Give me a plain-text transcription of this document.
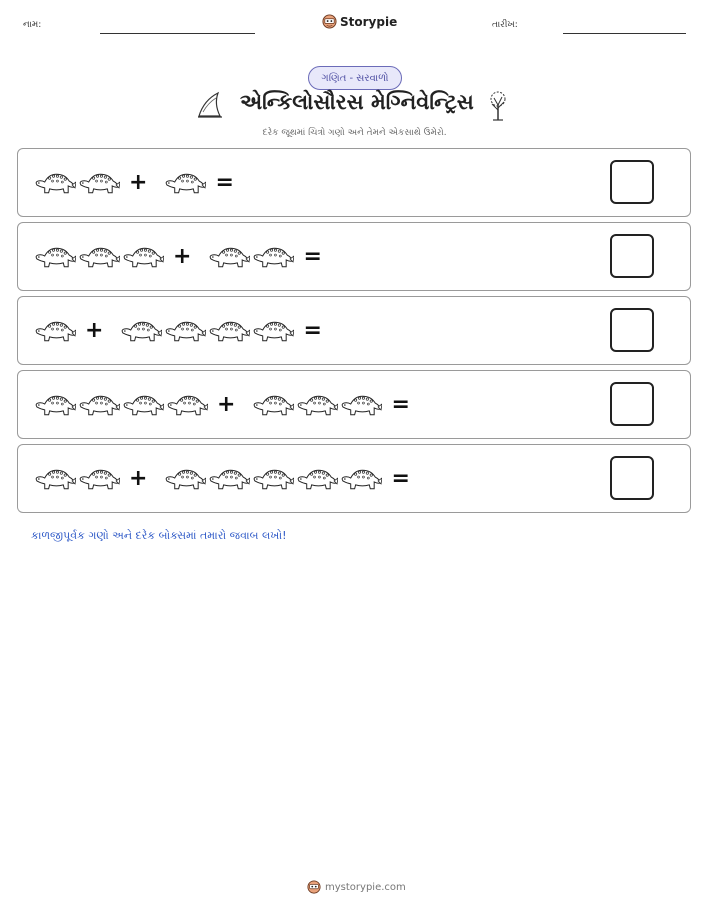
નામ:	Storypie	તારીખ:
ગણિત - સરવાળો
એન્કિલોસૌરસ મેગ્નિવેન્ટ્રિસ
દરેક જૂથમાં ચિત્રો ગણો અને તેમને એકસાથે ઉમેરો.
+	=
+	=
+	=
+	=
+	=
કાળજીપૂર્વક ગણો અને દરેક બોક્સમાં તમારો જવાબ લખો!
mystorypie.com
